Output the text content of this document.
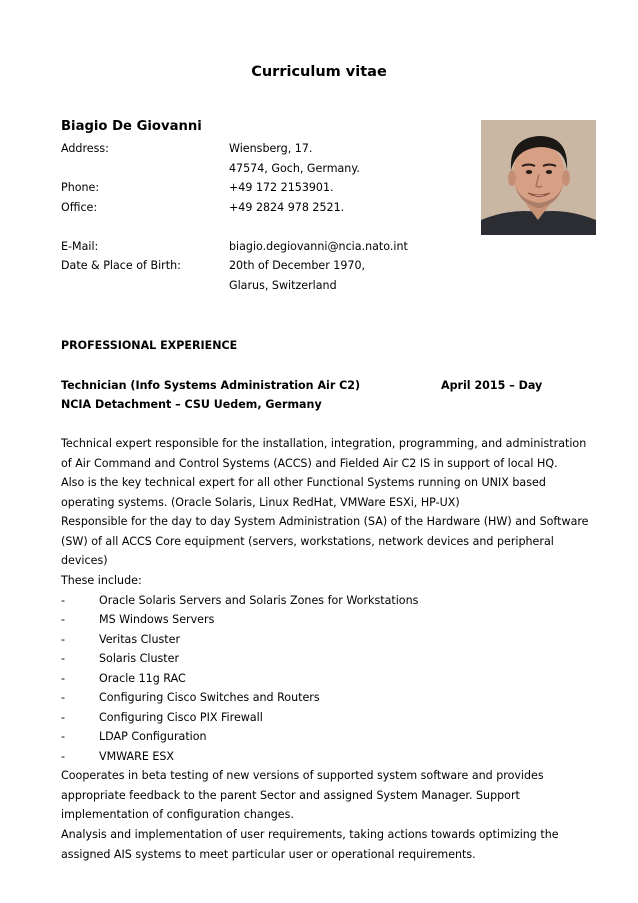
Curriculum vitae
Biagio De Giovanni
Address:	Wiensberg, 17.
47574, Goch, Germany.
Phone:	+49 172 2153901.
Office:	+49 2824 978 2521.
E-Mail:	biagio.degiovanni@ncia.nato.int
Date & Place of Birth:	20th of December 1970,
Glarus, Switzerland
PROFESSIONAL EXPERIENCE
Technician (Info Systems Administration Air C2)	April 2015 – Day
NCIA Detachment – CSU Uedem, Germany
Technical expert responsible for the installation, integration, programming, and administration
of Air Command and Control Systems (ACCS) and Fielded Air C2 IS in support of local HQ.
Also is the key technical expert for all other Functional Systems running on UNIX based
operating systems. (Oracle Solaris, Linux RedHat, VMWare ESXi, HP-UX)
Responsible for the day to day System Administration (SA) of the Hardware (HW) and Software
(SW) of all ACCS Core equipment (servers, workstations, network devices and peripheral
devices)
These include:
-	Oracle Solaris Servers and Solaris Zones for Workstations
-	MS Windows Servers
-	Veritas Cluster
-	Solaris Cluster
-	Oracle 11g RAC
-	Configuring Cisco Switches and Routers
-	Configuring Cisco PIX Firewall
-	LDAP Configuration
-	VMWARE ESX
Cooperates in beta testing of new versions of supported system software and provides
appropriate feedback to the parent Sector and assigned System Manager. Support
implementation of configuration changes.
Analysis and implementation of user requirements, taking actions towards optimizing the
assigned AIS systems to meet particular user or operational requirements.
